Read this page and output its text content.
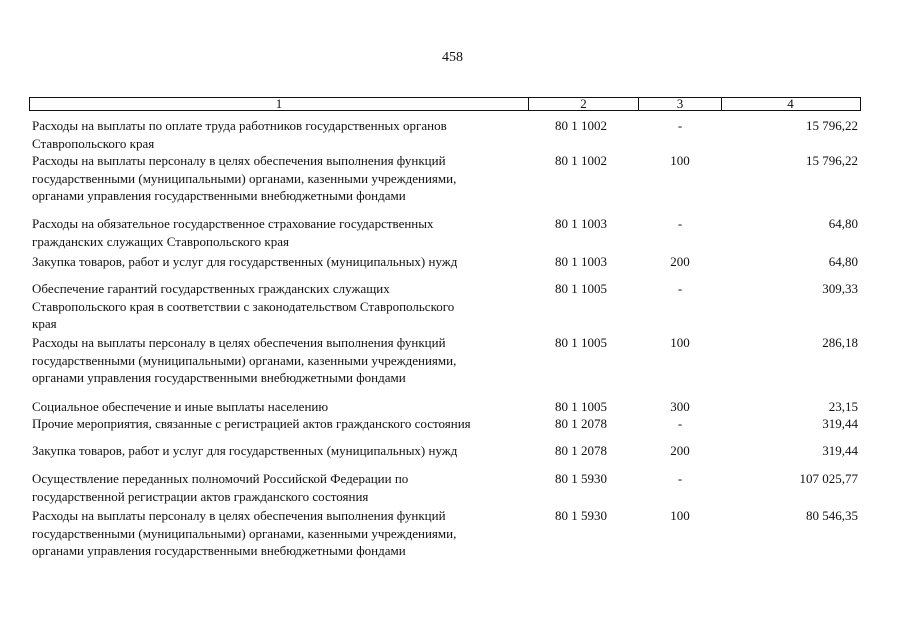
458
1	2	3	4
Расходы на выплаты по оплате труда работников государственных органов
Ставропольского края
80 1 1002	-	15 796,22
Расходы на выплаты персоналу в целях обеспечения выполнения функций
государственными (муниципальными) органами, казенными учреждениями,
органами управления государственными внебюджетными фондами
80 1 1002	100	15 796,22
Расходы на обязательное государственное страхование государственных
гражданских служащих Ставропольского края
80 1 1003	-	64,80
Закупка товаров, работ и услуг для государственных (муниципальных) нужд	80 1 1003	200	64,80
Обеспечение гарантий государственных гражданских служащих
Ставропольского края в соответствии с законодательством Ставропольского
края
80 1 1005	-	309,33
Расходы на выплаты персоналу в целях обеспечения выполнения функций
государственными (муниципальными) органами, казенными учреждениями,
органами управления государственными внебюджетными фондами
80 1 1005	100	286,18
Социальное обеспечение и иные выплаты населению	80 1 1005	300	23,15
Прочие мероприятия, связанные с регистрацией актов гражданского состояния	80 1 2078	-	319,44
Закупка товаров, работ и услуг для государственных (муниципальных) нужд	80 1 2078	200	319,44
Осуществление переданных полномочий Российской Федерации по
государственной регистрации актов гражданского состояния
80 1 5930	-	107 025,77
Расходы на выплаты персоналу в целях обеспечения выполнения функций
государственными (муниципальными) органами, казенными учреждениями,
органами управления государственными внебюджетными фондами
80 1 5930	100	80 546,35
